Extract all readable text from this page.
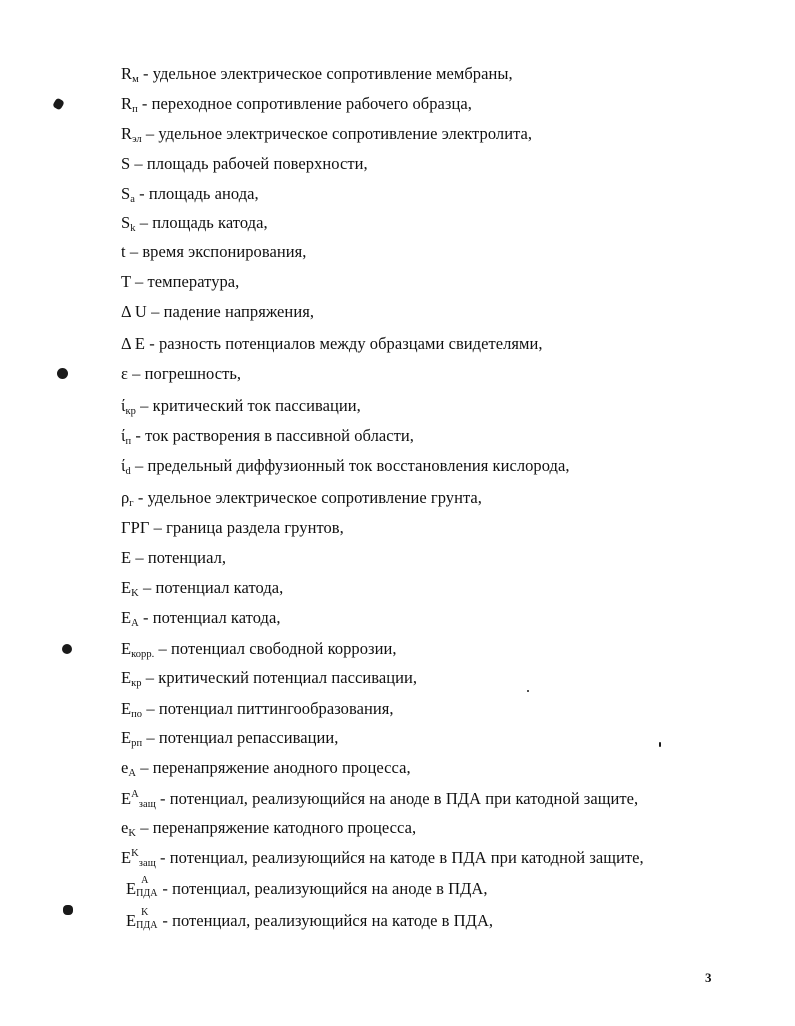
$R_м$ - удельное электрическое сопротивление мембраны,
$R_п$ - переходное сопротивление рабочего образца,
$R_{эл}$ – удельное электрическое сопротивление электролита,
S – площадь рабочей поверхности,
$S_а$ - площадь анода,
$S_k$ – площадь катода,
t – время экспонирования,
T – температура,
Δ U – падение напряжения,
Δ E - разность потенциалов между образцами свидетелями,
ε – погрешность,
$ί_{кр}$ – критический ток пассивации,
$ί_п$ - ток растворения в пассивной области,
$ί_d$ – предельный диффузионный ток восстановления кислорода,
$\rho_г$ - удельное электрическое сопротивление грунта,
ГРГ – граница раздела грунтов,
E – потенциал,
$E_K$ – потенциал катода,
$E_A$ - потенциал катода,
$E_{корр.}$ – потенциал свободной коррозии,
$E_{кр}$ – критический потенциал пассивации,
$E_{по}$ – потенциал питтингообразования,
$E_{рп}$ – потенциал репассивации,
$e_A$ – перенапряжение анодного процесса,
$E^A_{защ}$ - потенциал, реализующийся на аноде в ПДА при катодной защите,
$e_K$ – перенапряжение катодного процесса,
$E^K_{защ}$ - потенциал, реализующийся на катоде в ПДА при катодной защите,
E A
ПДА - потенциал, реализующийся на аноде в ПДА,
E K
ПДА - потенциал, реализующийся на катоде в ПДА,
3
